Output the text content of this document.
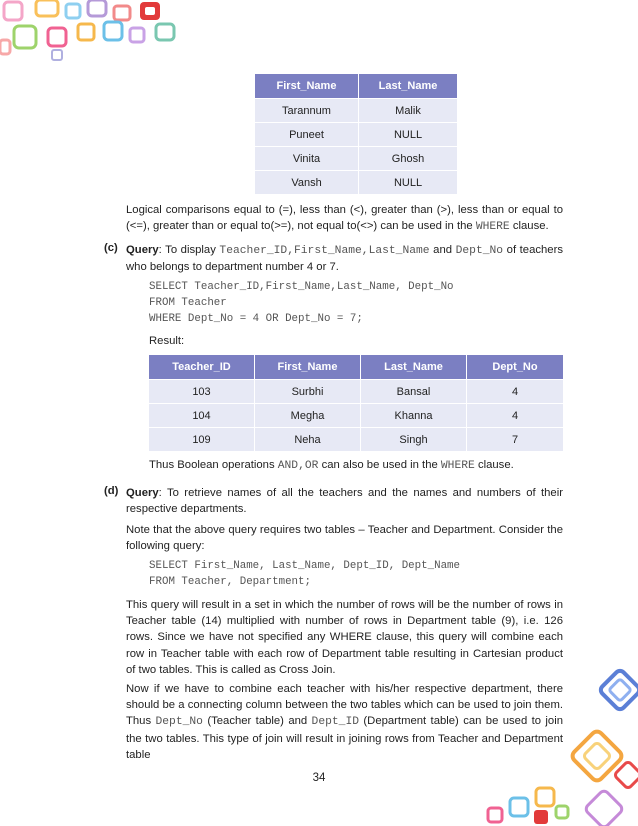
First_Name	Last_Name
Tarannum	Malik
Puneet	NULL
Vinita	Ghosh
Vansh	NULL

Logical comparisons equal to (=), less than (<), greater than (>), less than or equal to (<=), greater than or equal to(>=), not equal to(<>) can be used in the WHERE clause.

(c) Query: To display Teacher_ID,First_Name,Last_Name and Dept_No of teachers who belongs to department number 4 or 7.

SELECT Teacher_ID,First_Name,Last_Name, Dept_No
FROM Teacher
WHERE Dept_No = 4 OR Dept_No = 7;

Result:

Teacher_ID	First_Name	Last_Name	Dept_No
103	Surbhi	Bansal	4
104	Megha	Khanna	4
109	Neha	Singh	7

Thus Boolean operations AND,OR can also be used in the WHERE clause.

(d) Query: To retrieve names of all the teachers and the names and numbers of their respective departments.

Note that the above query requires two tables – Teacher and Department. Consider the following query:

SELECT First_Name, Last_Name, Dept_ID, Dept_Name
FROM Teacher, Department;

This query will result in a set in which the number of rows will be the number of rows in Teacher table (14) multiplied with number of rows in Department table (9), i.e. 126 rows. Since we have not specified any WHERE clause, this query will combine each row in Teacher table with each row of Department table resulting in Cartesian product of two tables. This is called as Cross Join.

Now if we have to combine each teacher with his/her respective department, there should be a connecting column between the two tables which can be used to join them. Thus Dept_No (Teacher table) and Dept_ID (Department table) can be used to join the two tables. This type of join will result in joining rows from Teacher and Department table

34
